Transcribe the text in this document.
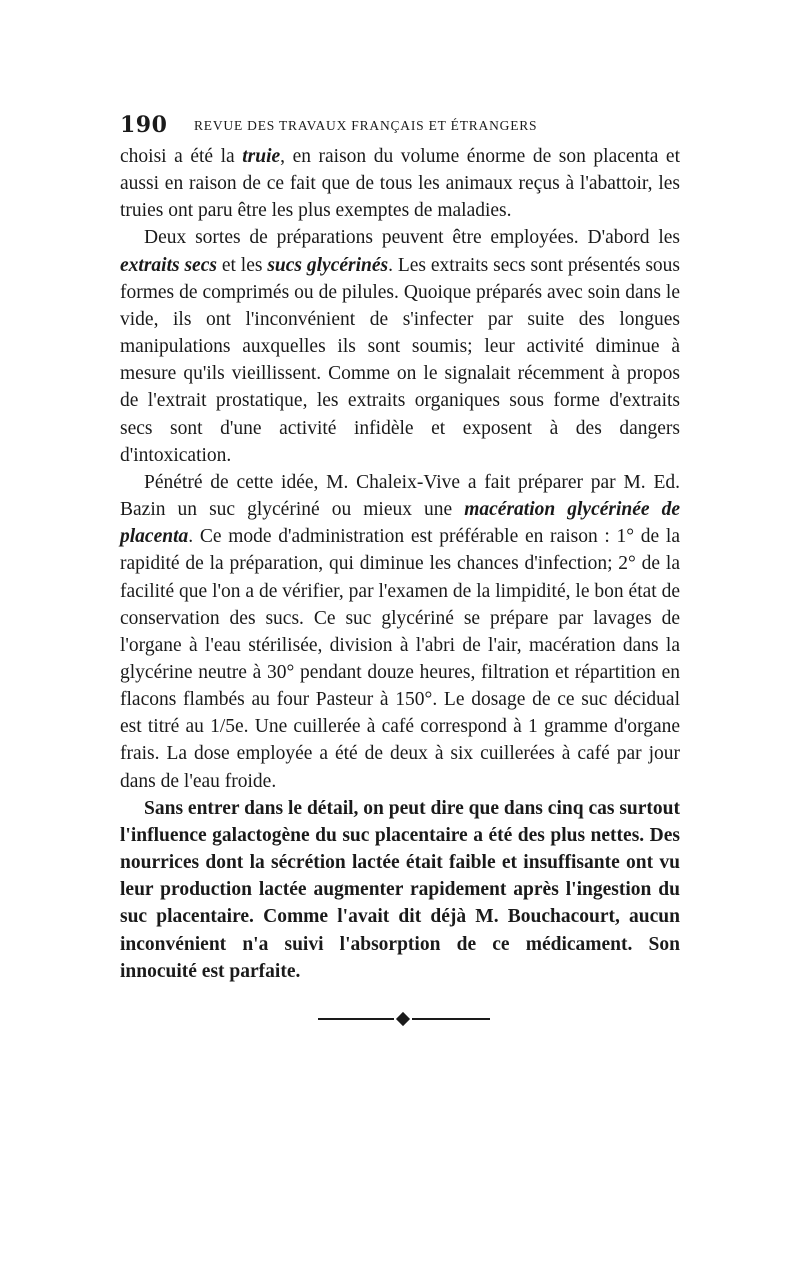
190 REVUE DES TRAVAUX FRANÇAIS ET ÉTRANGERS

choisi a été la truie, en raison du volume énorme de son placenta et aussi en raison de ce fait que de tous les animaux reçus à l'abattoir, les truies ont paru être les plus exemptes de maladies.

Deux sortes de préparations peuvent être employées. D'abord les extraits secs et les sucs glycérinés. Les extraits secs sont présentés sous formes de comprimés ou de pilules. Quoique préparés avec soin dans le vide, ils ont l'inconvénient de s'infecter par suite des longues manipulations auxquelles ils sont soumis; leur activité diminue à mesure qu'ils vieillissent. Comme on le signalait récemment à propos de l'extrait prostatique, les extraits organiques sous forme d'extraits secs sont d'une activité infidèle et exposent à des dangers d'intoxication.

Pénétré de cette idée, M. Chaleix-Vive a fait préparer par M. Ed. Bazin un suc glycériné ou mieux une macération glycérinée de placenta. Ce mode d'administration est préférable en raison : 1° de la rapidité de la préparation, qui diminue les chances d'infection; 2° de la facilité que l'on a de vérifier, par l'examen de la limpidité, le bon état de conservation des sucs. Ce suc glycériné se prépare par lavages de l'organe à l'eau stérilisée, division à l'abri de l'air, macération dans la glycérine neutre à 30° pendant douze heures, filtration et répartition en flacons flambés au four Pasteur à 150°. Le dosage de ce suc décidual est titré au 1/5e. Une cuillerée à café correspond à 1 gramme d'organe frais. La dose employée a été de deux à six cuillerées à café par jour dans de l'eau froide.

Sans entrer dans le détail, on peut dire que dans cinq cas surtout l'influence galactogène du suc placentaire a été des plus nettes. Des nourrices dont la sécrétion lactée était faible et insuffisante ont vu leur production lactée augmenter rapidement après l'ingestion du suc placentaire. Comme l'avait dit déjà M. Bouchacourt, aucun inconvénient n'a suivi l'absorption de ce médicament. Son innocuité est parfaite.
